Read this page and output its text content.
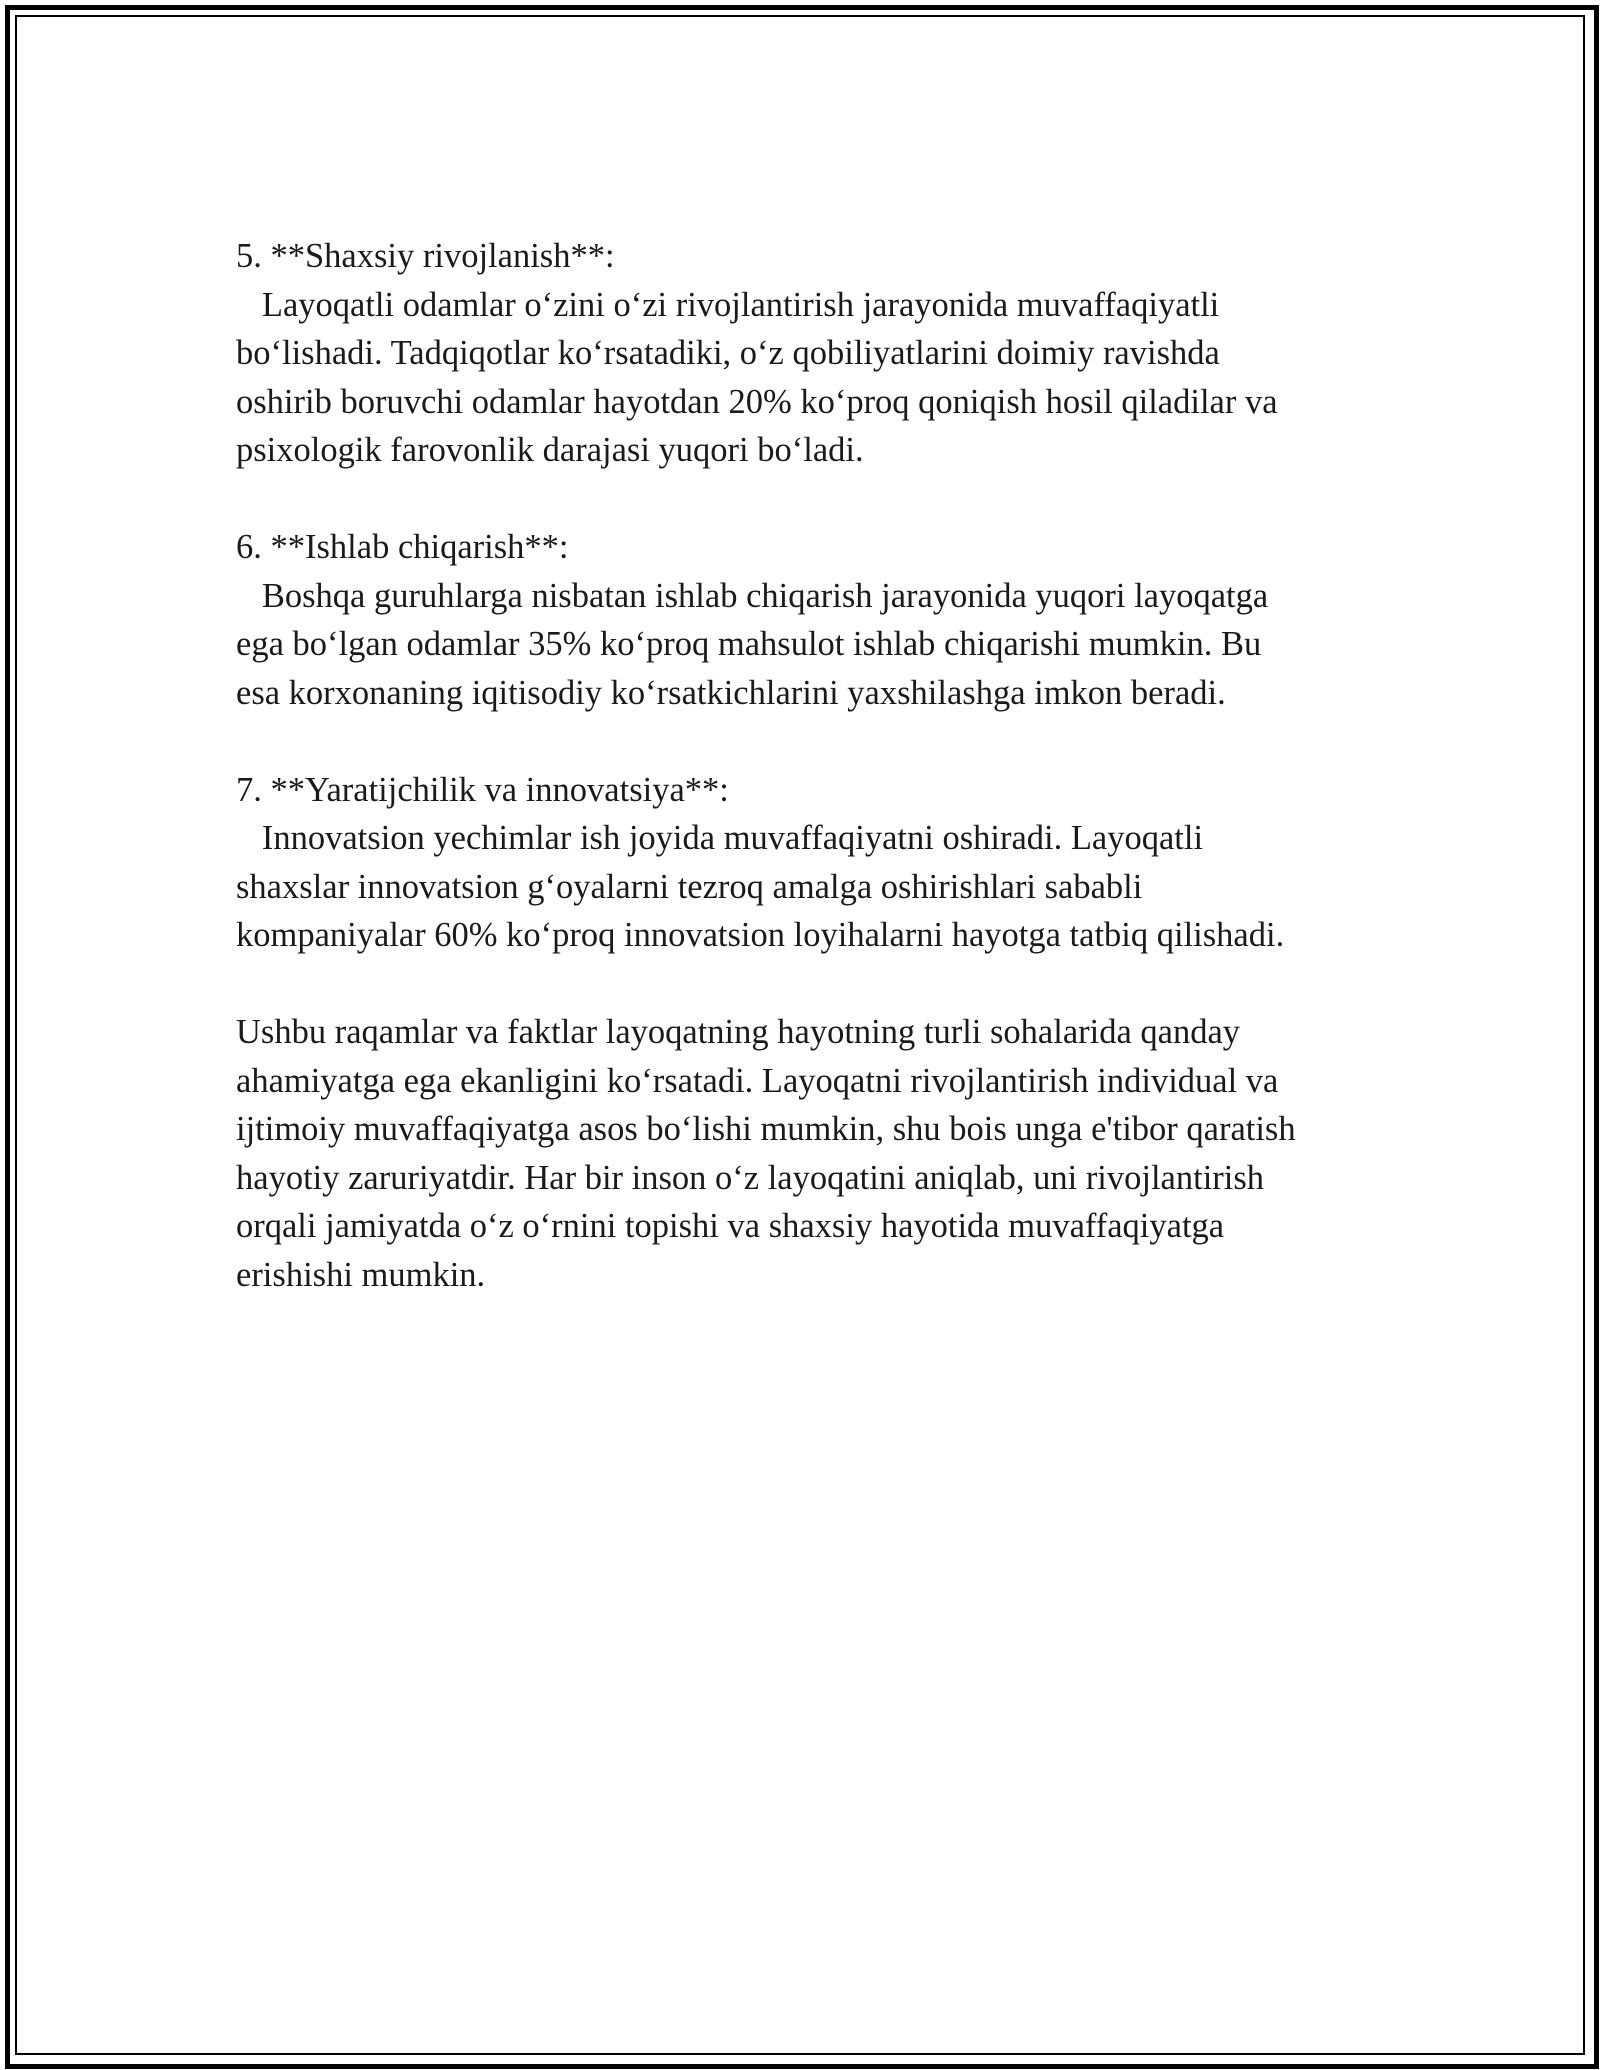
5. **Shaxsiy rivojlanish**:
Layoqatli odamlar o‘zini o‘zi rivojlantirish jarayonida muvaffaqiyatli
bo‘lishadi. Tadqiqotlar ko‘rsatadiki, o‘z qobiliyatlarini doimiy ravishda
oshirib boruvchi odamlar hayotdan 20% ko‘proq qoniqish hosil qiladilar va
psixologik farovonlik darajasi yuqori bo‘ladi.
6. **Ishlab chiqarish**:
Boshqa guruhlarga nisbatan ishlab chiqarish jarayonida yuqori layoqatga
ega bo‘lgan odamlar 35% ko‘proq mahsulot ishlab chiqarishi mumkin. Bu
esa korxonaning iqitisodiy ko‘rsatkichlarini yaxshilashga imkon beradi.
7. **Yaratijchilik va innovatsiya**:
Innovatsion yechimlar ish joyida muvaffaqiyatni oshiradi. Layoqatli
shaxslar innovatsion g‘oyalarni tezroq amalga oshirishlari sababli
kompaniyalar 60% ko‘proq innovatsion loyihalarni hayotga tatbiq qilishadi.
Ushbu raqamlar va faktlar layoqatning hayotning turli sohalarida qanday
ahamiyatga ega ekanligini ko‘rsatadi. Layoqatni rivojlantirish individual va
ijtimoiy muvaffaqiyatga asos bo‘lishi mumkin, shu bois unga e'tibor qaratish
hayotiy zaruriyatdir. Har bir inson o‘z layoqatini aniqlab, uni rivojlantirish
orqali jamiyatda o‘z o‘rnini topishi va shaxsiy hayotida muvaffaqiyatga
erishishi mumkin.
